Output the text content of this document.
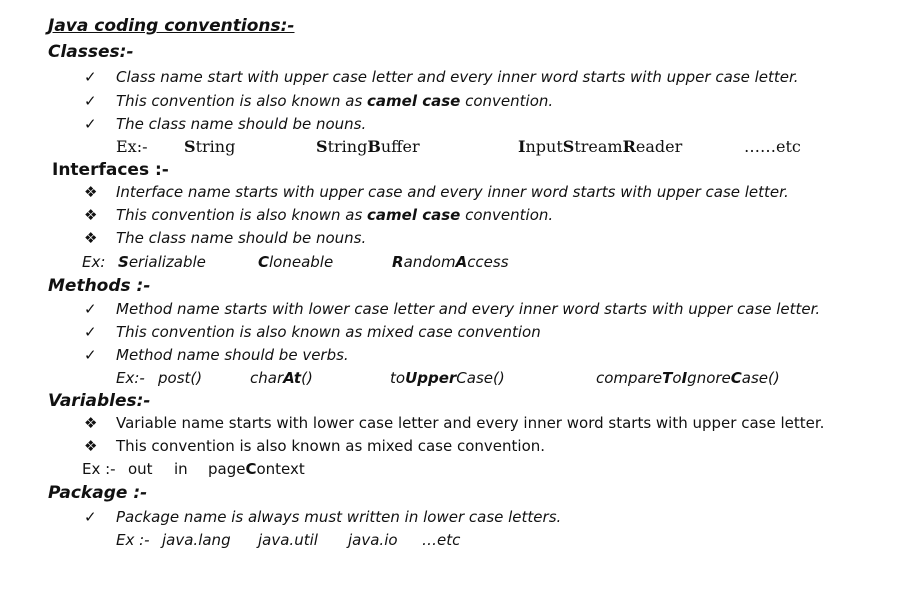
Java coding conventions:-
Classes:-
✓ Class name start with upper case letter and every inner word starts with upper case letter.
✓ This convention is also known as camel case convention.
✓ The class name should be nouns.
Ex:- String	StringBuffer	InputStreamReader	……etc
Interfaces :-
❖ Interface name starts with upper case and every inner word starts with upper case letter.
❖ This convention is also known as camel case convention.
❖ The class name should be nouns.
Ex: Serializable	Cloneable	RandomAccess
Methods :-
✓ Method name starts with lower case letter and every inner word starts with upper case letter.
✓ This convention is also known as mixed case convention
✓ Method name should be verbs.
Ex:- post()	charAt()	toUpperCase()	compareToIgnoreCase()
Variables:-
❖ Variable name starts with lower case letter and every inner word starts with upper case letter.
❖ This convention is also known as mixed case convention.
Ex :- out in pageContext
Package :-
✓ Package name is always must written in lower case letters.
Ex :- java.lang java.util java.io …etc
